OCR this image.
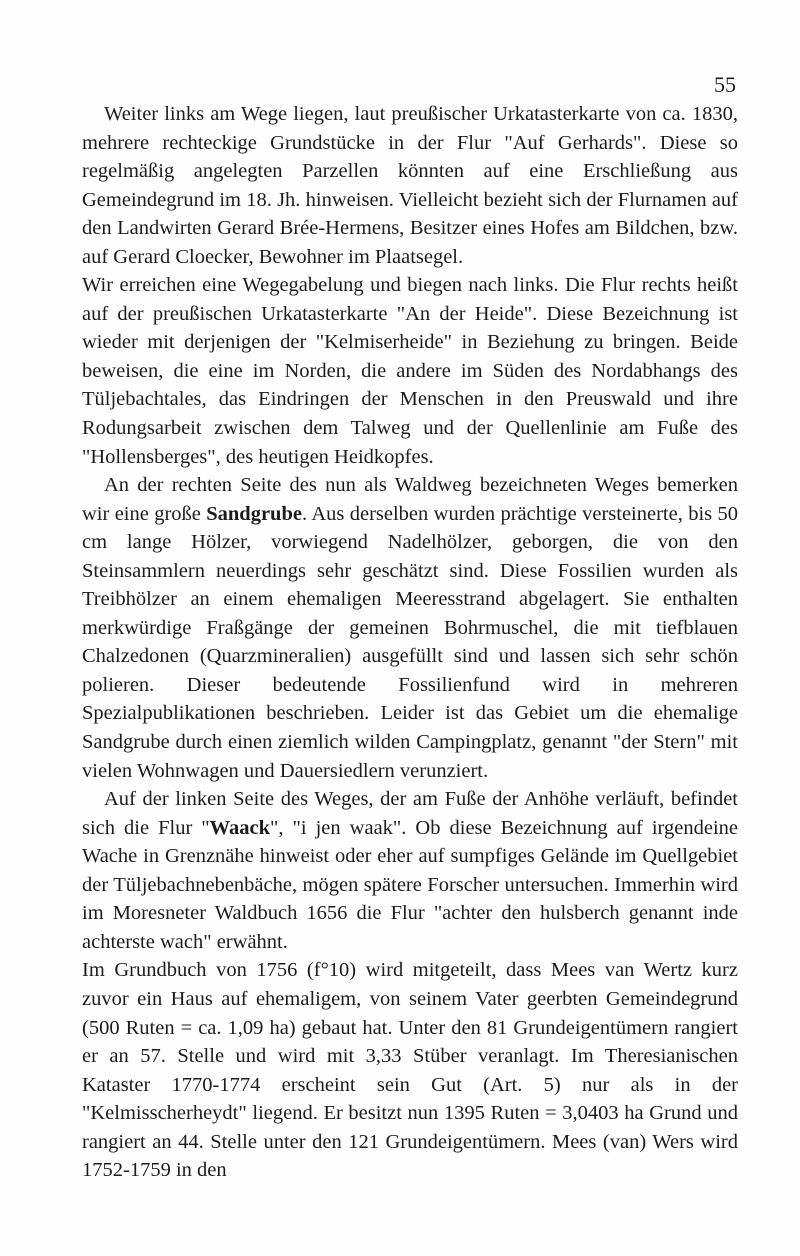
55

Weiter links am Wege liegen, laut preußischer Urkatasterkarte von ca. 1830, mehrere rechteckige Grundstücke in der Flur "Auf Gerhards". Diese so regelmäßig angelegten Parzellen könnten auf eine Erschließung aus Gemeindegrund im 18. Jh. hinweisen. Vielleicht bezieht sich der Flurnamen auf den Landwirten Gerard Brée-Hermens, Besitzer eines Hofes am Bildchen, bzw. auf Gerard Cloecker, Bewohner im Plaatsegel.

Wir erreichen eine Wegegabelung und biegen nach links. Die Flur rechts heißt auf der preußischen Urkatasterkarte "An der Heide". Diese Bezeichnung ist wieder mit derjenigen der "Kelmiserheide" in Beziehung zu bringen. Beide beweisen, die eine im Norden, die andere im Süden des Nordabhangs des Tüljebachtales, das Eindringen der Menschen in den Preuswald und ihre Rodungsarbeit zwischen dem Talweg und der Quellenlinie am Fuße des "Hollensberges", des heutigen Heidkopfes.

An der rechten Seite des nun als Waldweg bezeichneten Weges bemerken wir eine große Sandgrube. Aus derselben wurden prächtige versteinerte, bis 50 cm lange Hölzer, vorwiegend Nadelhölzer, geborgen, die von den Steinsammlern neuerdings sehr geschätzt sind. Diese Fossilien wurden als Treibhölzer an einem ehemaligen Meeresstrand abgelagert. Sie enthalten merkwürdige Fraßgänge der gemeinen Bohrmuschel, die mit tiefblauen Chalzedonen (Quarzmineralien) ausgefüllt sind und lassen sich sehr schön polieren. Dieser bedeutende Fossilienfund wird in mehreren Spezialpublikationen beschrieben. Leider ist das Gebiet um die ehemalige Sandgrube durch einen ziemlich wilden Campingplatz, genannt "der Stern" mit vielen Wohnwagen und Dauersiedlern verunziert.

Auf der linken Seite des Weges, der am Fuße der Anhöhe verläuft, befindet sich die Flur "Waack", "i jen waak". Ob diese Bezeichnung auf irgendeine Wache in Grenznähe hinweist oder eher auf sumpfiges Gelände im Quellgebiet der Tüljebachnebenbäche, mögen spätere Forscher untersuchen. Immerhin wird im Moresneter Waldbuch 1656 die Flur "achter den hulsberch genannt inde achterste wach" erwähnt.

Im Grundbuch von 1756 (f°10) wird mitgeteilt, dass Mees van Wertz kurz zuvor ein Haus auf ehemaligem, von seinem Vater geerbten Gemeindegrund (500 Ruten = ca. 1,09 ha) gebaut hat. Unter den 81 Grundeigentümern rangiert er an 57. Stelle und wird mit 3,33 Stüber veranlagt. Im Theresianischen Kataster 1770-1774 erscheint sein Gut (Art. 5) nur als in der "Kelmisscherheydt" liegend. Er besitzt nun 1395 Ruten = 3,0403 ha Grund und rangiert an 44. Stelle unter den 121 Grundeigentümern. Mees (van) Wers wird 1752-1759 in den
